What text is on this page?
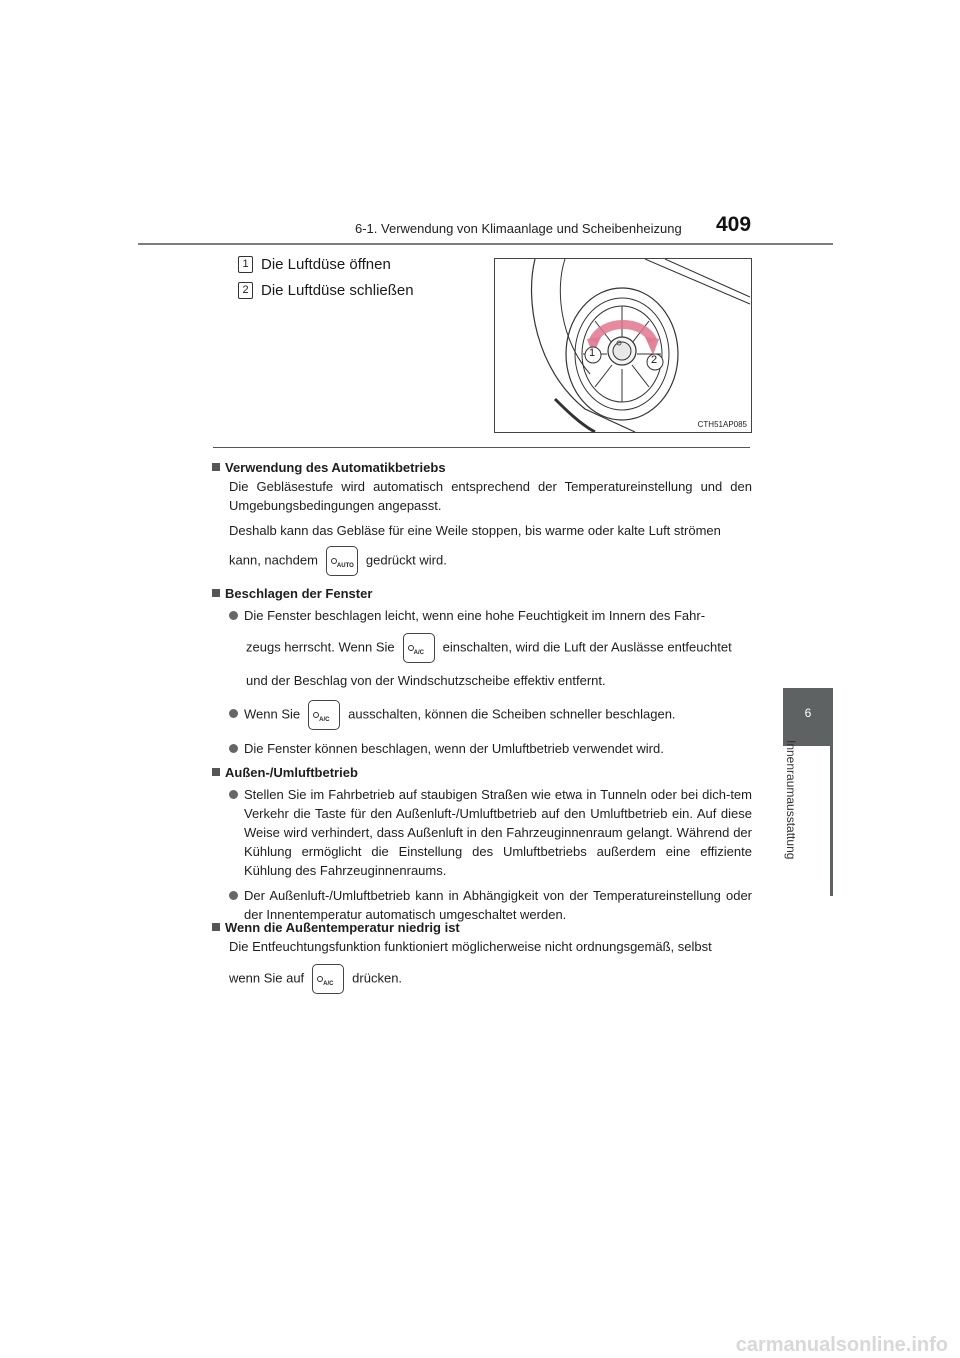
6-1. Verwendung von Klimaanlage und Scheibenheizung 409
6
Innenraumausstattung
1 Die Luftdüse öffnen
2 Die Luftdüse schließen
1
2
CTH51AP085
Verwendung des Automatikbetriebs
Die Gebläsestufe wird automatisch entsprechend der Temperatureinstellung und den Umgebungsbedingungen angepasst.
Deshalb kann das Gebläse für eine Weile stoppen, bis warme oder kalte Luft strömen
kann, nachdem	AUTO gedrückt wird.
Beschlagen der Fenster
Die Fenster beschlagen leicht, wenn eine hohe Feuchtigkeit im Innern des Fahr-
zeugs herrscht. Wenn Sie	A/C einschalten, wird die Luft der Auslässe entfeuchtet
und der Beschlag von der Windschutzscheibe effektiv entfernt.
Wenn Sie	A/C ausschalten, können die Scheiben schneller beschlagen.
Die Fenster können beschlagen, wenn der Umluftbetrieb verwendet wird.
Außen-/Umluftbetrieb
Stellen Sie im Fahrbetrieb auf staubigen Straßen wie etwa in Tunneln oder bei dich-tem Verkehr die Taste für den Außenluft-/Umluftbetrieb auf den Umluftbetrieb ein. Auf diese Weise wird verhindert, dass Außenluft in den Fahrzeuginnenraum gelangt. Während der Kühlung ermöglicht die Einstellung des Umluftbetriebs außerdem eine effiziente Kühlung des Fahrzeuginnenraums.
Der Außenluft-/Umluftbetrieb kann in Abhängigkeit von der Temperatureinstellung oder der Innentemperatur automatisch umgeschaltet werden.
Wenn die Außentemperatur niedrig ist
Die Entfeuchtungsfunktion funktioniert möglicherweise nicht ordnungsgemäß, selbst
wenn Sie auf	A/C drücken.
carmanualsonline.info
